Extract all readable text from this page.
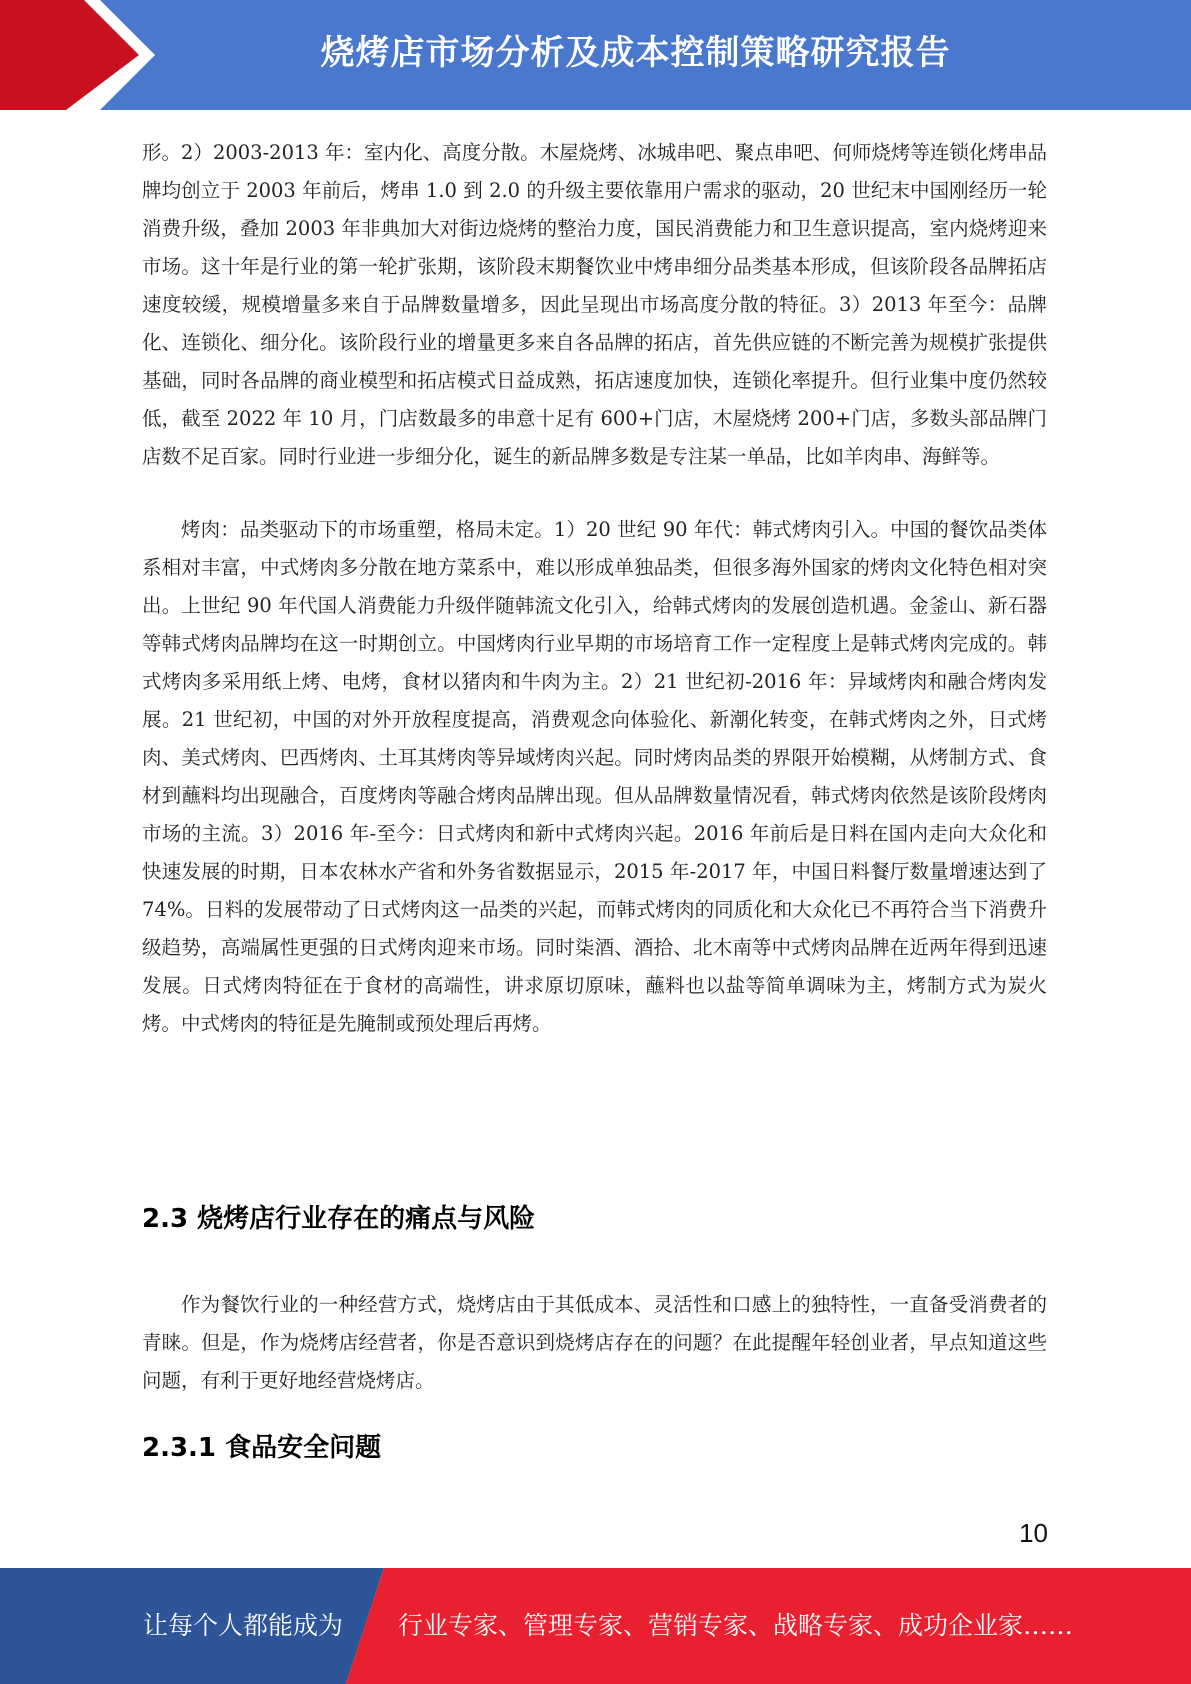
烧烤店市场分析及成本控制策略研究报告

形。2）2003-2013 年：室内化、高度分散。木屋烧烤、冰城串吧、聚点串吧、何师烧烤等连锁化烤串品牌均创立于 2003 年前后，烤串 1.0 到 2.0 的升级主要依靠用户需求的驱动，20 世纪末中国刚经历一轮消费升级，叠加 2003 年非典加大对街边烧烤的整治力度，国民消费能力和卫生意识提高，室内烧烤迎来市场。这十年是行业的第一轮扩张期，该阶段末期餐饮业中烤串细分品类基本形成，但该阶段各品牌拓店速度较缓，规模增量多来自于品牌数量增多，因此呈现出市场高度分散的特征。3）2013 年至今：品牌化、连锁化、细分化。该阶段行业的增量更多来自各品牌的拓店，首先供应链的不断完善为规模扩张提供基础，同时各品牌的商业模型和拓店模式日益成熟，拓店速度加快，连锁化率提升。但行业集中度仍然较低，截至 2022 年 10 月，门店数最多的串意十足有 600+门店，木屋烧烤 200+门店，多数头部品牌门店数不足百家。同时行业进一步细分化，诞生的新品牌多数是专注某一单品，比如羊肉串、海鲜等。

烤肉：品类驱动下的市场重塑，格局未定。1）20 世纪 90 年代：韩式烤肉引入。中国的餐饮品类体系相对丰富，中式烤肉多分散在地方菜系中，难以形成单独品类，但很多海外国家的烤肉文化特色相对突出。上世纪 90 年代国人消费能力升级伴随韩流文化引入，给韩式烤肉的发展创造机遇。金釜山、新石器等韩式烤肉品牌均在这一时期创立。中国烤肉行业早期的市场培育工作一定程度上是韩式烤肉完成的。韩式烤肉多采用纸上烤、电烤，食材以猪肉和牛肉为主。2）21 世纪初-2016 年：异域烤肉和融合烤肉发展。21 世纪初，中国的对外开放程度提高，消费观念向体验化、新潮化转变，在韩式烤肉之外，日式烤肉、美式烤肉、巴西烤肉、土耳其烤肉等异域烤肉兴起。同时烤肉品类的界限开始模糊，从烤制方式、食材到蘸料均出现融合，百度烤肉等融合烤肉品牌出现。但从品牌数量情况看，韩式烤肉依然是该阶段烤肉市场的主流。3）2016 年-至今：日式烤肉和新中式烤肉兴起。2016 年前后是日料在国内走向大众化和快速发展的时期，日本农林水产省和外务省数据显示，2015 年-2017 年，中国日料餐厅数量增速达到了 74%。日料的发展带动了日式烤肉这一品类的兴起，而韩式烤肉的同质化和大众化已不再符合当下消费升级趋势，高端属性更强的日式烤肉迎来市场。同时柒酒、酒拾、北木南等中式烤肉品牌在近两年得到迅速发展。日式烤肉特征在于食材的高端性，讲求原切原味，蘸料也以盐等简单调味为主，烤制方式为炭火烤。中式烤肉的特征是先腌制或预处理后再烤。

2.3 烧烤店行业存在的痛点与风险

作为餐饮行业的一种经营方式，烧烤店由于其低成本、灵活性和口感上的独特性，一直备受消费者的青睐。但是，作为烧烤店经营者，你是否意识到烧烤店存在的问题？在此提醒年轻创业者，早点知道这些问题，有利于更好地经营烧烤店。

2.3.1 食品安全问题
10
让每个人都能成为 行业专家、管理专家、营销专家、战略专家、成功企业家……
